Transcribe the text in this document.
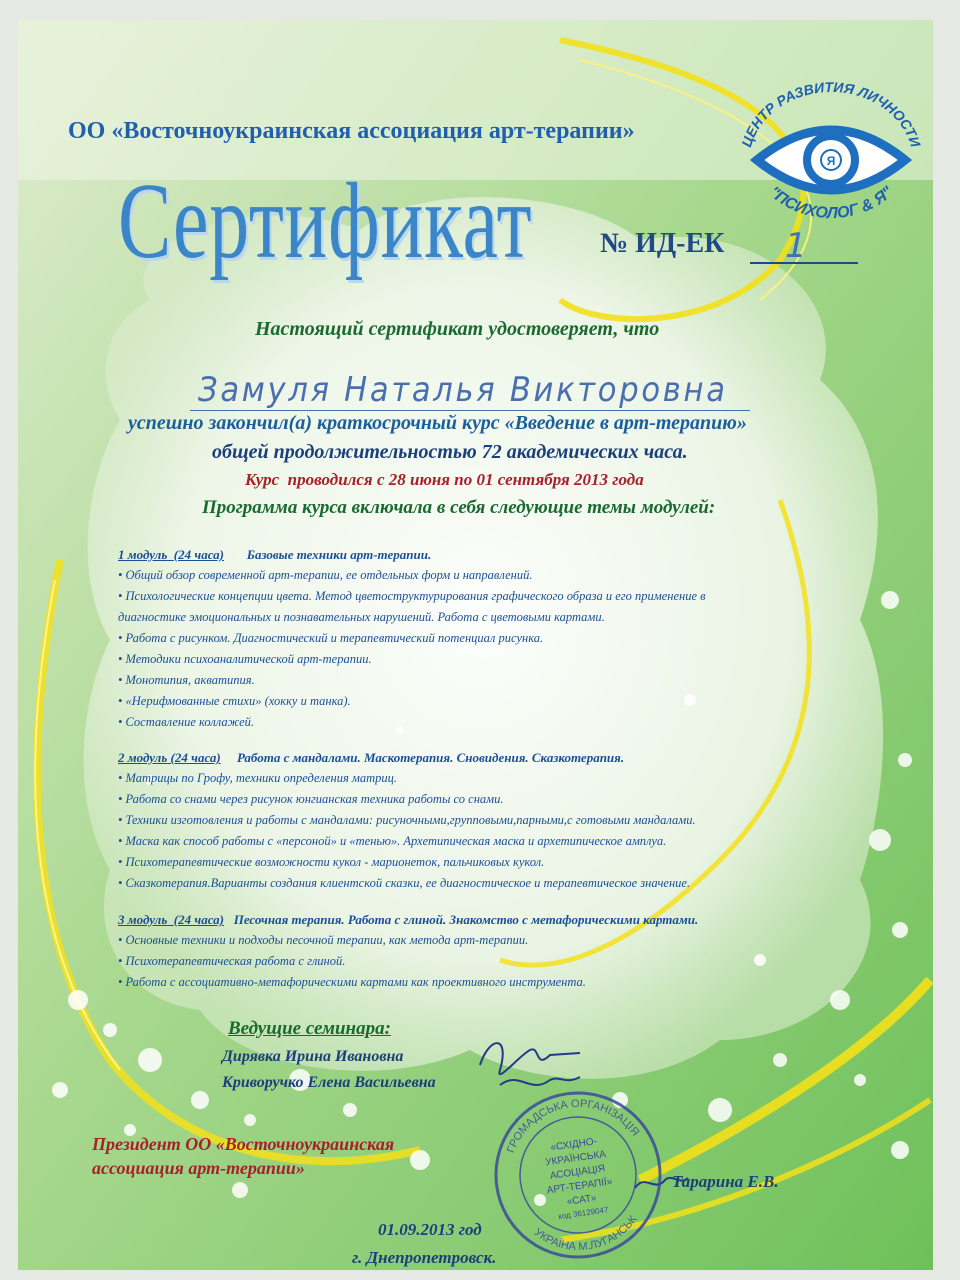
ЦЕНТР РАЗВИТИЯ ЛИЧНОСТИ
Я
"ПСИХОЛОГ & Я"

ОО «Восточноукраинская ассоциация арт-терапии»

Сертификат № ИД-ЕК 1

Настоящий сертификат удостоверяет, что

Замуля Наталья Викторовна

успешно закончил(а) краткосрочный курс «Введение в арт-терапию»

общей продолжительностью 72 академических часа.

Курс проводился с 28 июня по 01 сентября 2013 года

Программа курса включала в себя следующие темы модулей:

1 модуль (24 часа) Базовые техники арт-терапии.

• Общий обзор современной арт-терапии, ее отдельных форм и направлений.

• Психологические концепции цвета. Метод цветоструктурирования графического образа и его применение в

диагностике эмоциональных и познавательных нарушений. Работа с цветовыми картами.

• Работа с рисунком. Диагностический и терапевтический потенциал рисунка.

• Методики психоаналитической арт-терапии.

• Монотипия, акватипия.

• «Нерифмованные стихи» (хокку и танка).

• Составление коллажей.

2 модуль (24 часа) Работа с мандалами. Маскотерапия. Сновидения. Сказкотерапия.

• Матрицы по Грофу, техники определения матриц.

• Работа со снами через рисунок юнгианская техника работы со снами.

• Техники изготовления и работы с мандалами: рисуночными,групповыми,парными,с готовыми мандалами.

• Маска как способ работы с «персоной» и «тенью». Архетипическая маска и архетипическое амплуа.

• Психотерапевтические возможности кукол - марионеток, пальчиковых кукол.

• Сказкотерапия.Варианты создания клиентской сказки, ее диагностическое и терапевтическое значение.

3 модуль (24 часа) Песочная терапия. Работа с глиной. Знакомство с метафорическими картами.

• Основные техники и подходы песочной терапии, как метода арт-терапии.

• Психотерапевтическая работа с глиной.

• Работа с ассоциативно-метафорическими картами как проективного инструмента.

Ведущие семинара:

Дирявка Ирина Ивановна

Криворучко Елена Васильевна

Президент ОО «Восточноукраинская
ассоциация арт-терапии»

Тарарина Е.В.

ГРОМАДСЬКА ОРГАНІЗАЦІЯ
УКРАЇНА М.ЛУГАНСЬК
«СХІДНО-
УКРАЇНСЬКА
АСОЦІАЦІЯ
АРТ-ТЕРАПІЇ»
«САТ»
код 36129047

01.09.2013 год

г. Днепропетровск.
